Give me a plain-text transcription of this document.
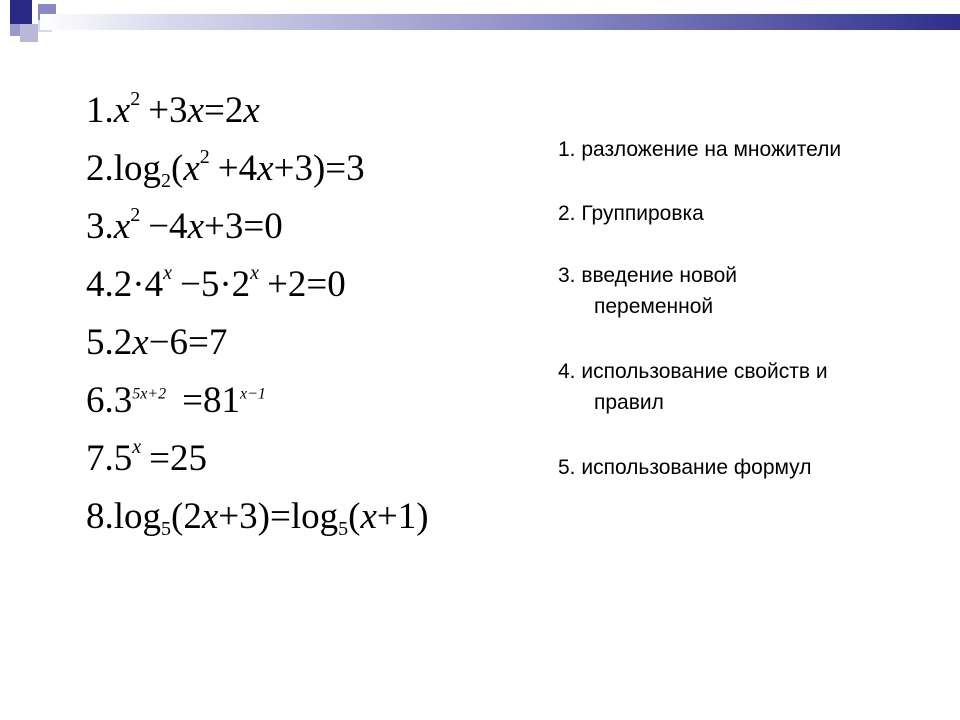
$1.x^2 +3x=2x$
$2.\log_2(x^2 +4x+3)=3$
$3.x^2 -4x+3=0$
$4.2\cdot 4^x -5\cdot 2^x +2=0$
5.2x−6=7
$6.3^{5x+2} =81^{x-1}$
$7.5^x =25$
$8.\log_5(2x+3)=\log_5(x+1)$
1. разложение на множители
2. Группировка
3. введение новой
переменной
4. использование свойств и
правил
5. использование формул
